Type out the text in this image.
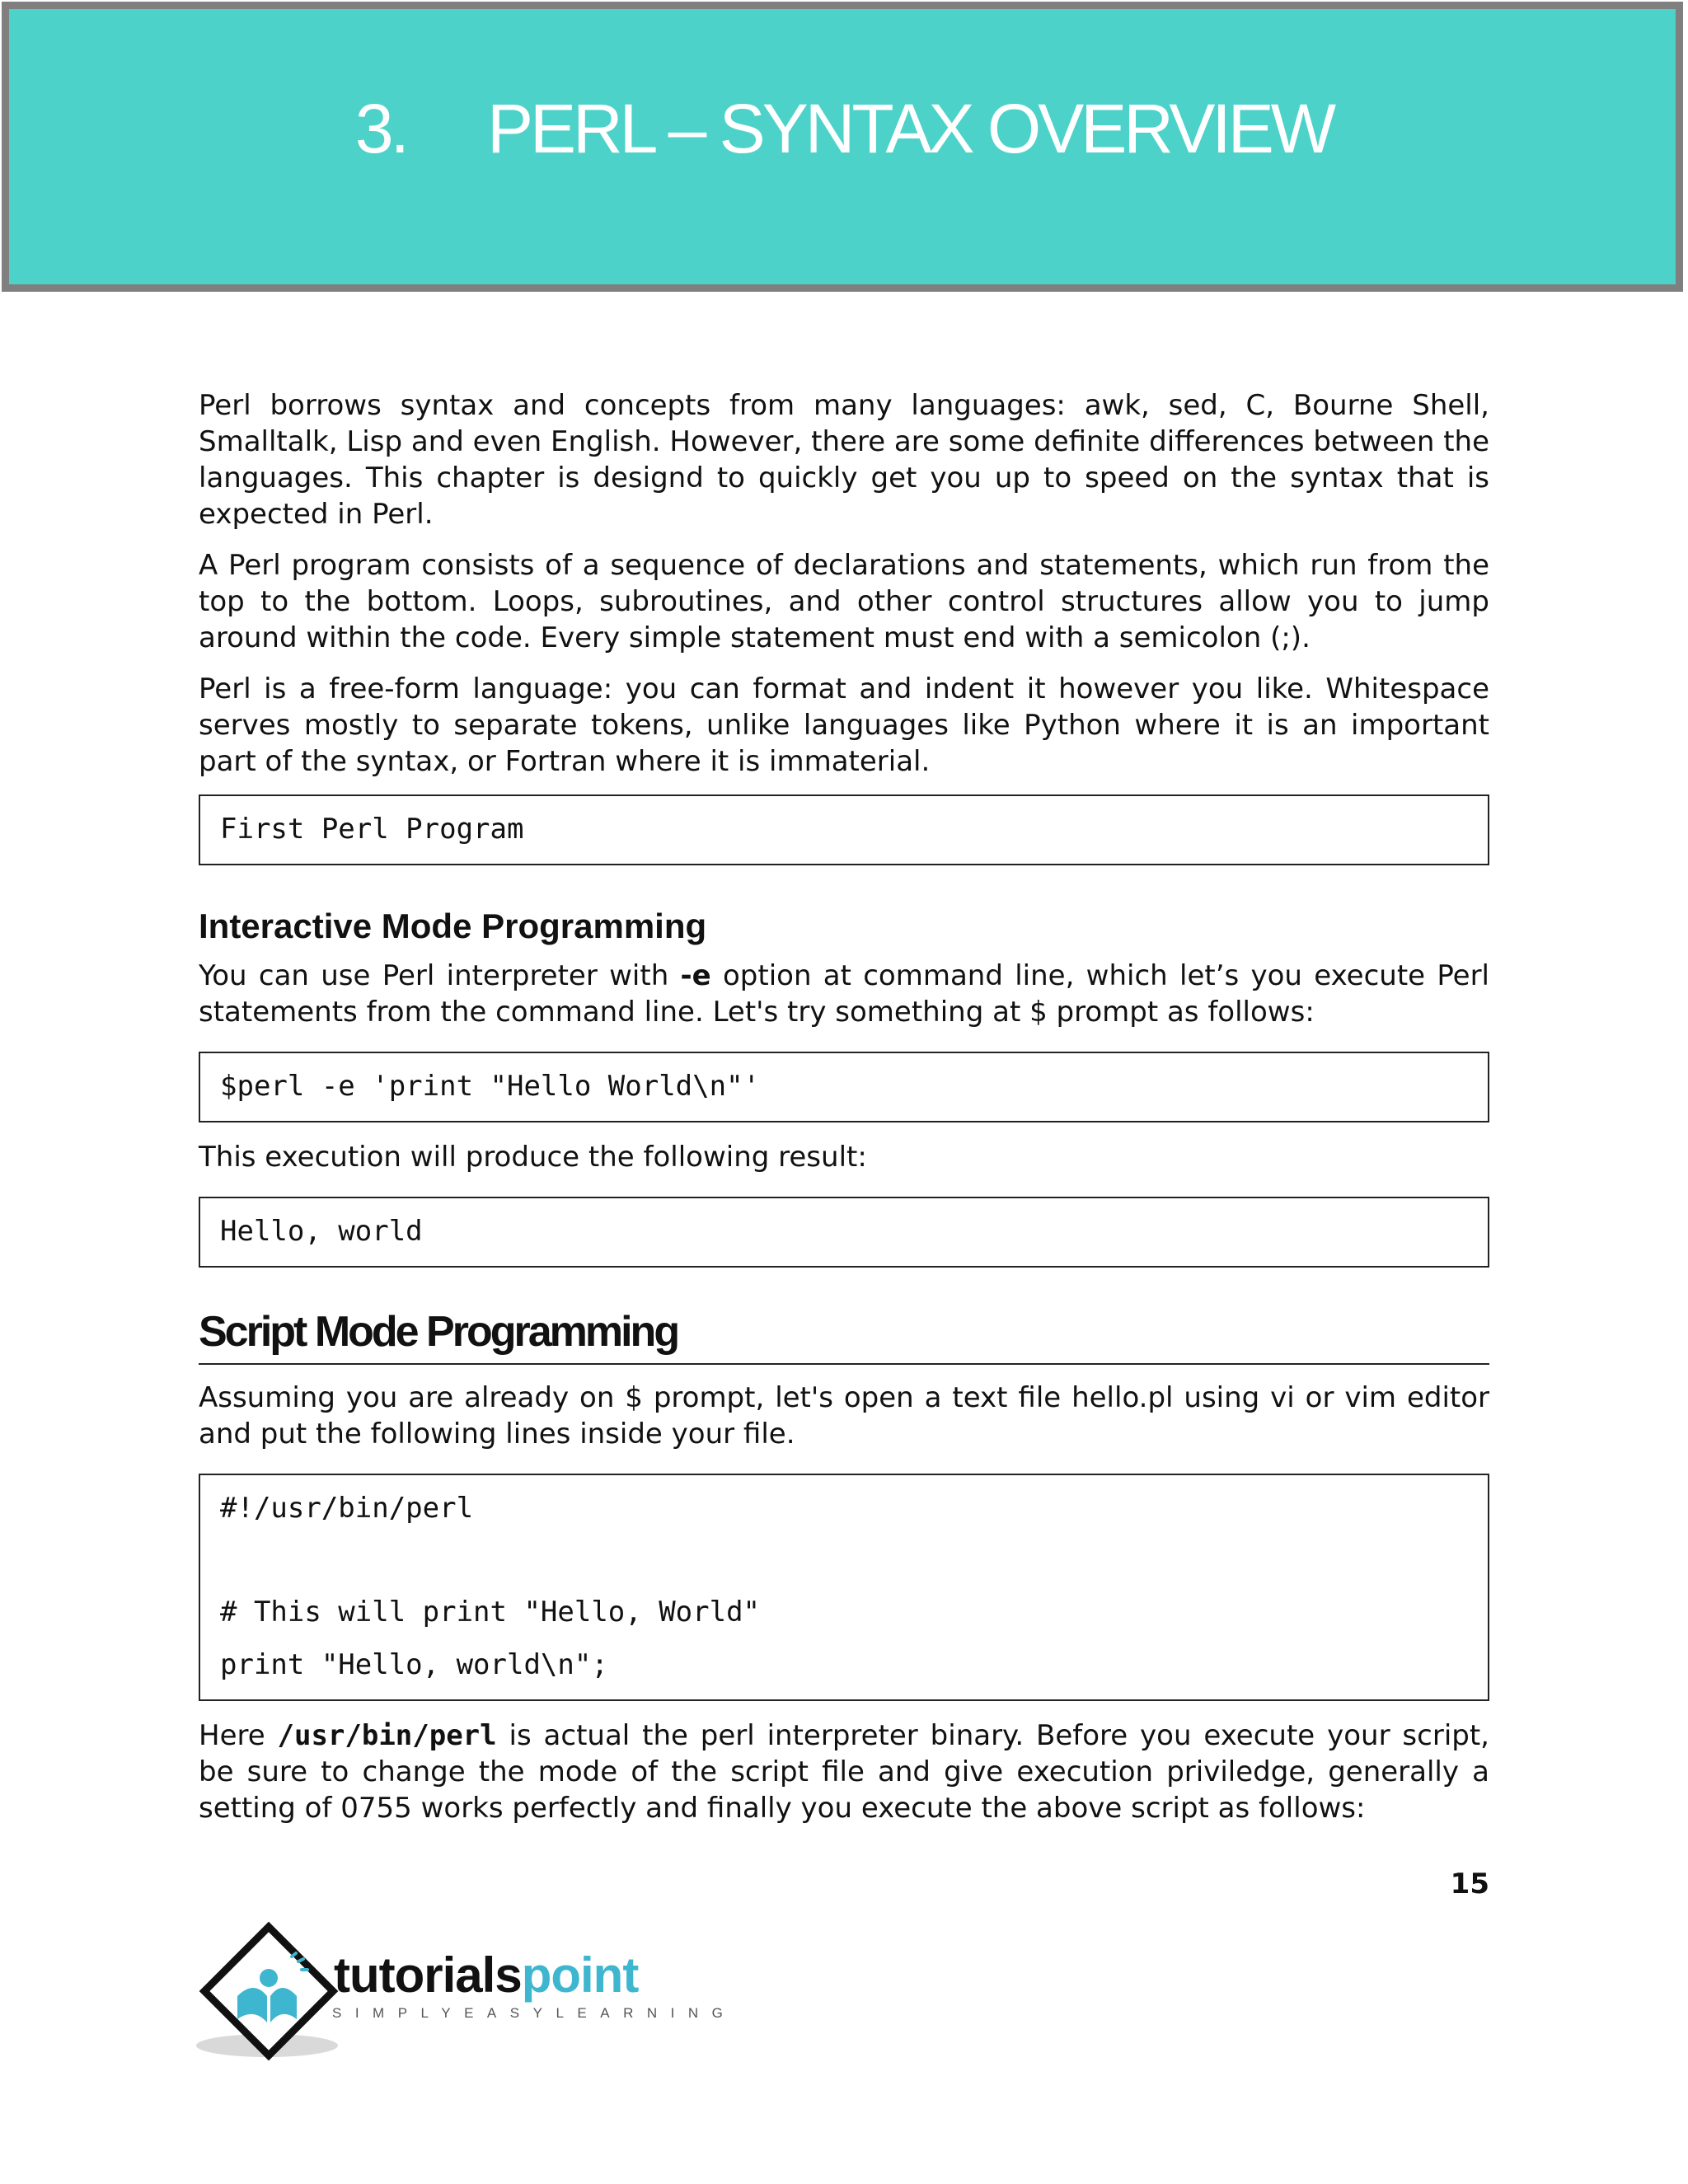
3. PERL – SYNTAX OVERVIEW

Perl borrows syntax and concepts from many languages: awk, sed, C, Bourne Shell, Smalltalk, Lisp and even English. However, there are some definite differences between the languages. This chapter is designd to quickly get you up to speed on the syntax that is expected in Perl.

A Perl program consists of a sequence of declarations and statements, which run from the top to the bottom. Loops, subroutines, and other control structures allow you to jump around within the code. Every simple statement must end with a semicolon (;).

Perl is a free-form language: you can format and indent it however you like. Whitespace serves mostly to separate tokens, unlike languages like Python where it is an important part of the syntax, or Fortran where it is immaterial.

First Perl Program
Interactive Mode Programming

You can use Perl interpreter with -e option at command line, which let’s you execute Perl statements from the command line. Let's try something at $ prompt as follows:

$perl -e 'print "Hello World\n"'

This execution will produce the following result:

Hello, world
Script Mode Programming

Assuming you are already on $ prompt, let's open a text file hello.pl using vi or vim editor and put the following lines inside your file.

#!/usr/bin/perl
# This will print "Hello, World"
print "Hello, world\n";

Here /usr/bin/perl is actual the perl interpreter binary. Before you execute your script, be sure to change the mode of the script file and give execution priviledge, generally a setting of 0755 works perfectly and finally you execute the above script as follows:

15
tutorialspoint
SIMPLYEASYLEARNING
